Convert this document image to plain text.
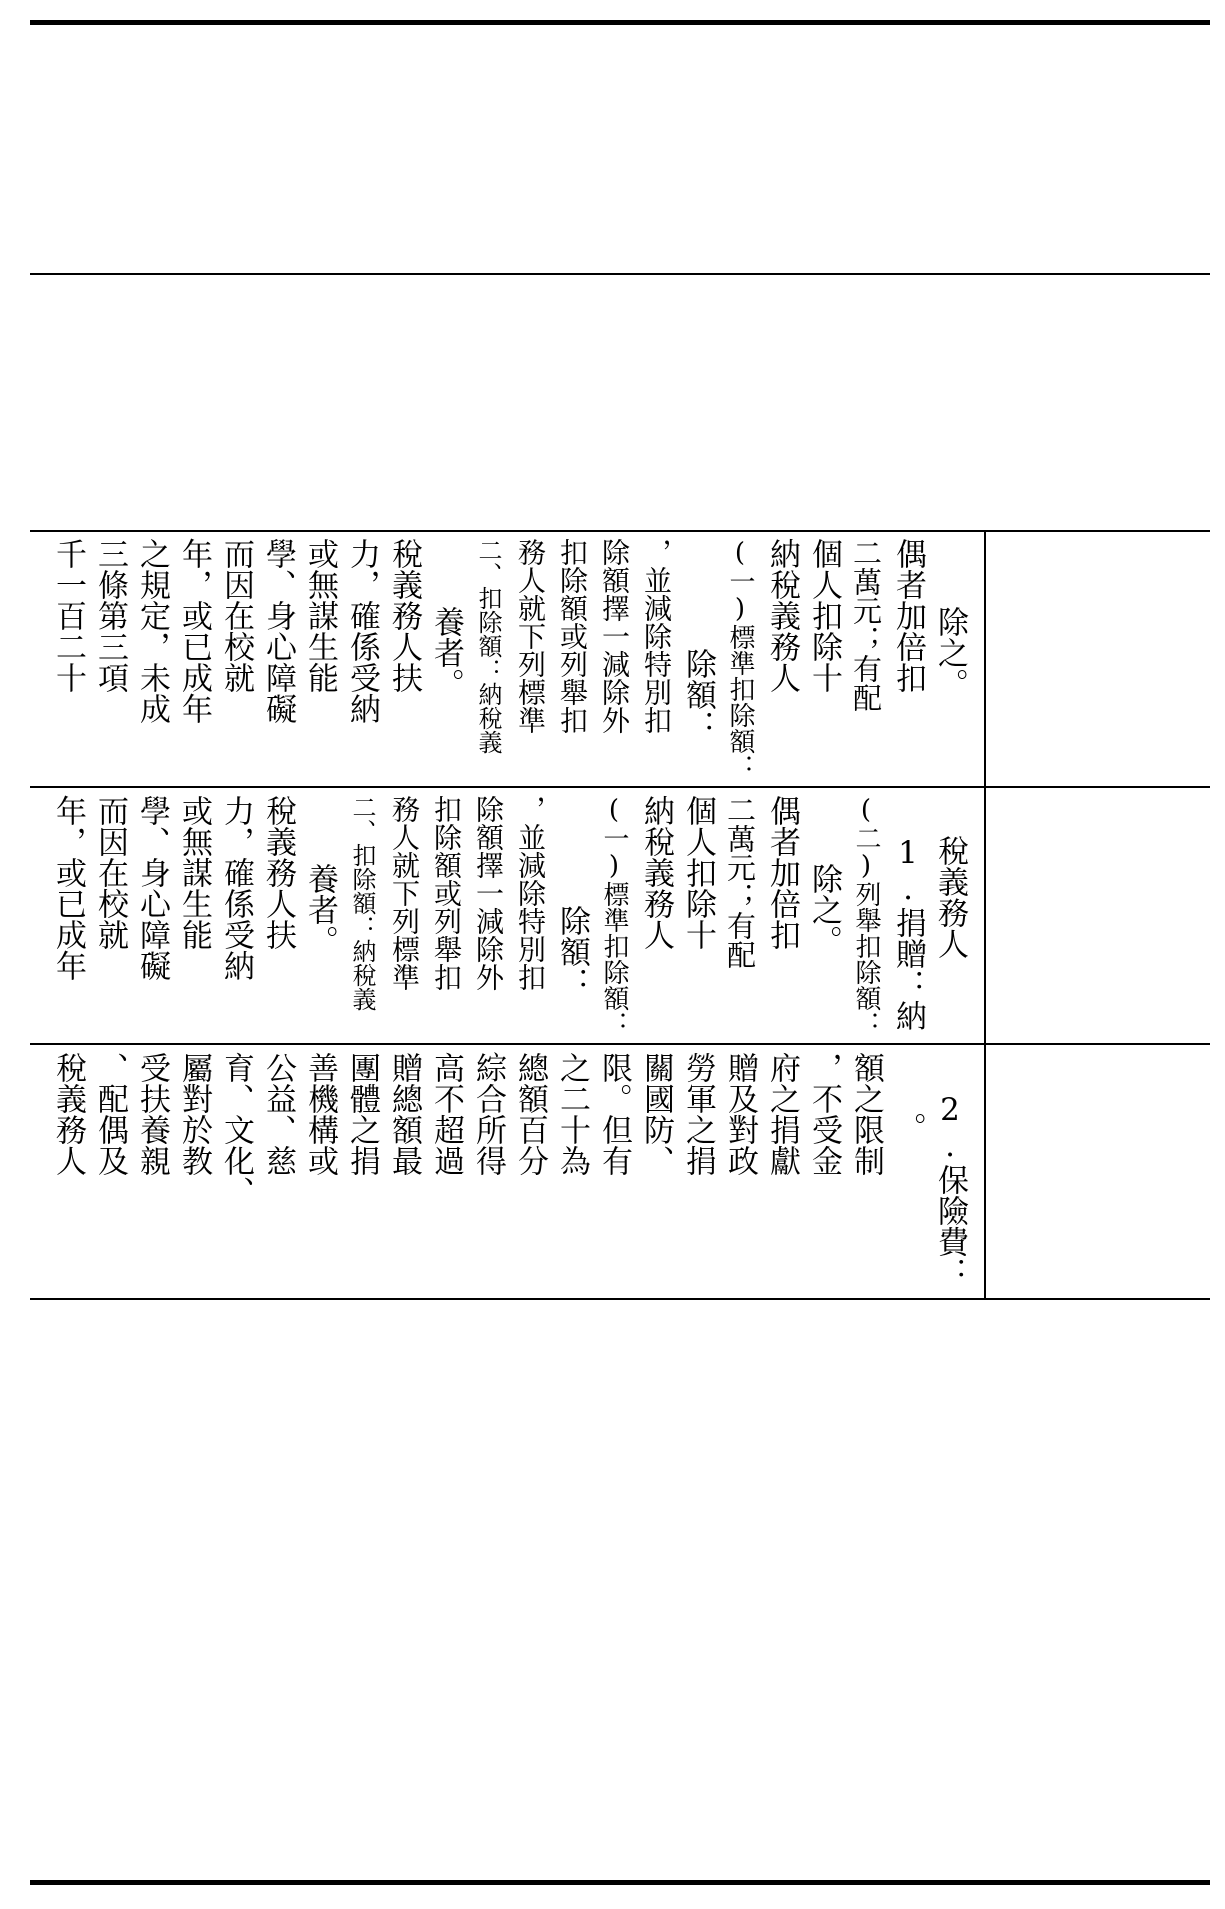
千一百二十 三條第三項 之規定，未成 年，或已成年 而因在校就 學、身心障礙 或無謀生能 力，確係受納 稅義務人扶 養者。 二、扣除額：納稅義 務人就下列標準 扣除額或列舉扣 除額擇一減除外 ，並減除特別扣 除額： (一)標準扣除額： 納稅義務人 個人扣除十 二萬元；有配 偶者加倍扣 除之。
年，或已成年 而因在校就 學、身心障礙 或無謀生能 力，確係受納 稅義務人扶 養者。 二、扣除額：納稅義 務人就下列標準 扣除額或列舉扣 除額擇一減除外 ，並減除特別扣 除額： (一)標準扣除額： 納稅義務人 個人扣除十 二萬元；有配 偶者加倍扣 除之。 (二)列舉扣除額： 1.捐贈：納 稅義務人
稅義務人 、配偶及 受扶養親 屬對於教 育、文化、 公益、慈 善機構或 團體之捐 贈總額最 高不超過 綜合所得 總額百分 之二十為 限。但有 關國防、 勞軍之捐 贈及對政 府之捐獻 ，不受金 額之限制 。 2.保險費：
